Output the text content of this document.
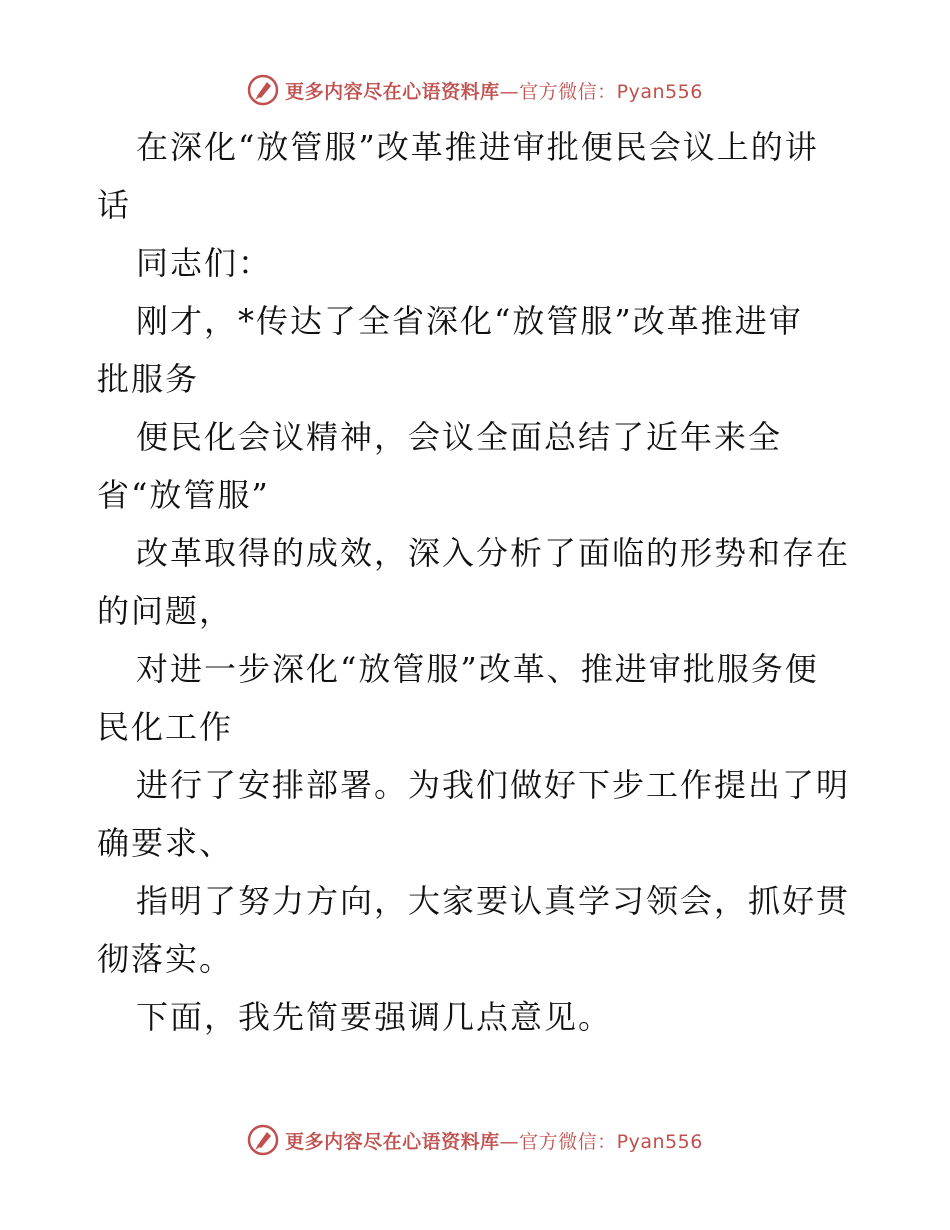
更多内容尽在心语资料库—官方微信：Pyan556
在深化“放管服”改革推进审批便民会议上的讲
话
同志们：
刚才，*传达了全省深化“放管服”改革推进审
批服务
便民化会议精神，会议全面总结了近年来全
省“放管服”
改革取得的成效，深入分析了面临的形势和存在
的问题，
对进一步深化“放管服”改革、推进审批服务便
民化工作
进行了安排部署。为我们做好下步工作提出了明
确要求、
指明了努力方向，大家要认真学习领会，抓好贯
彻落实。
下面，我先简要强调几点意见。
更多内容尽在心语资料库—官方微信：Pyan556
